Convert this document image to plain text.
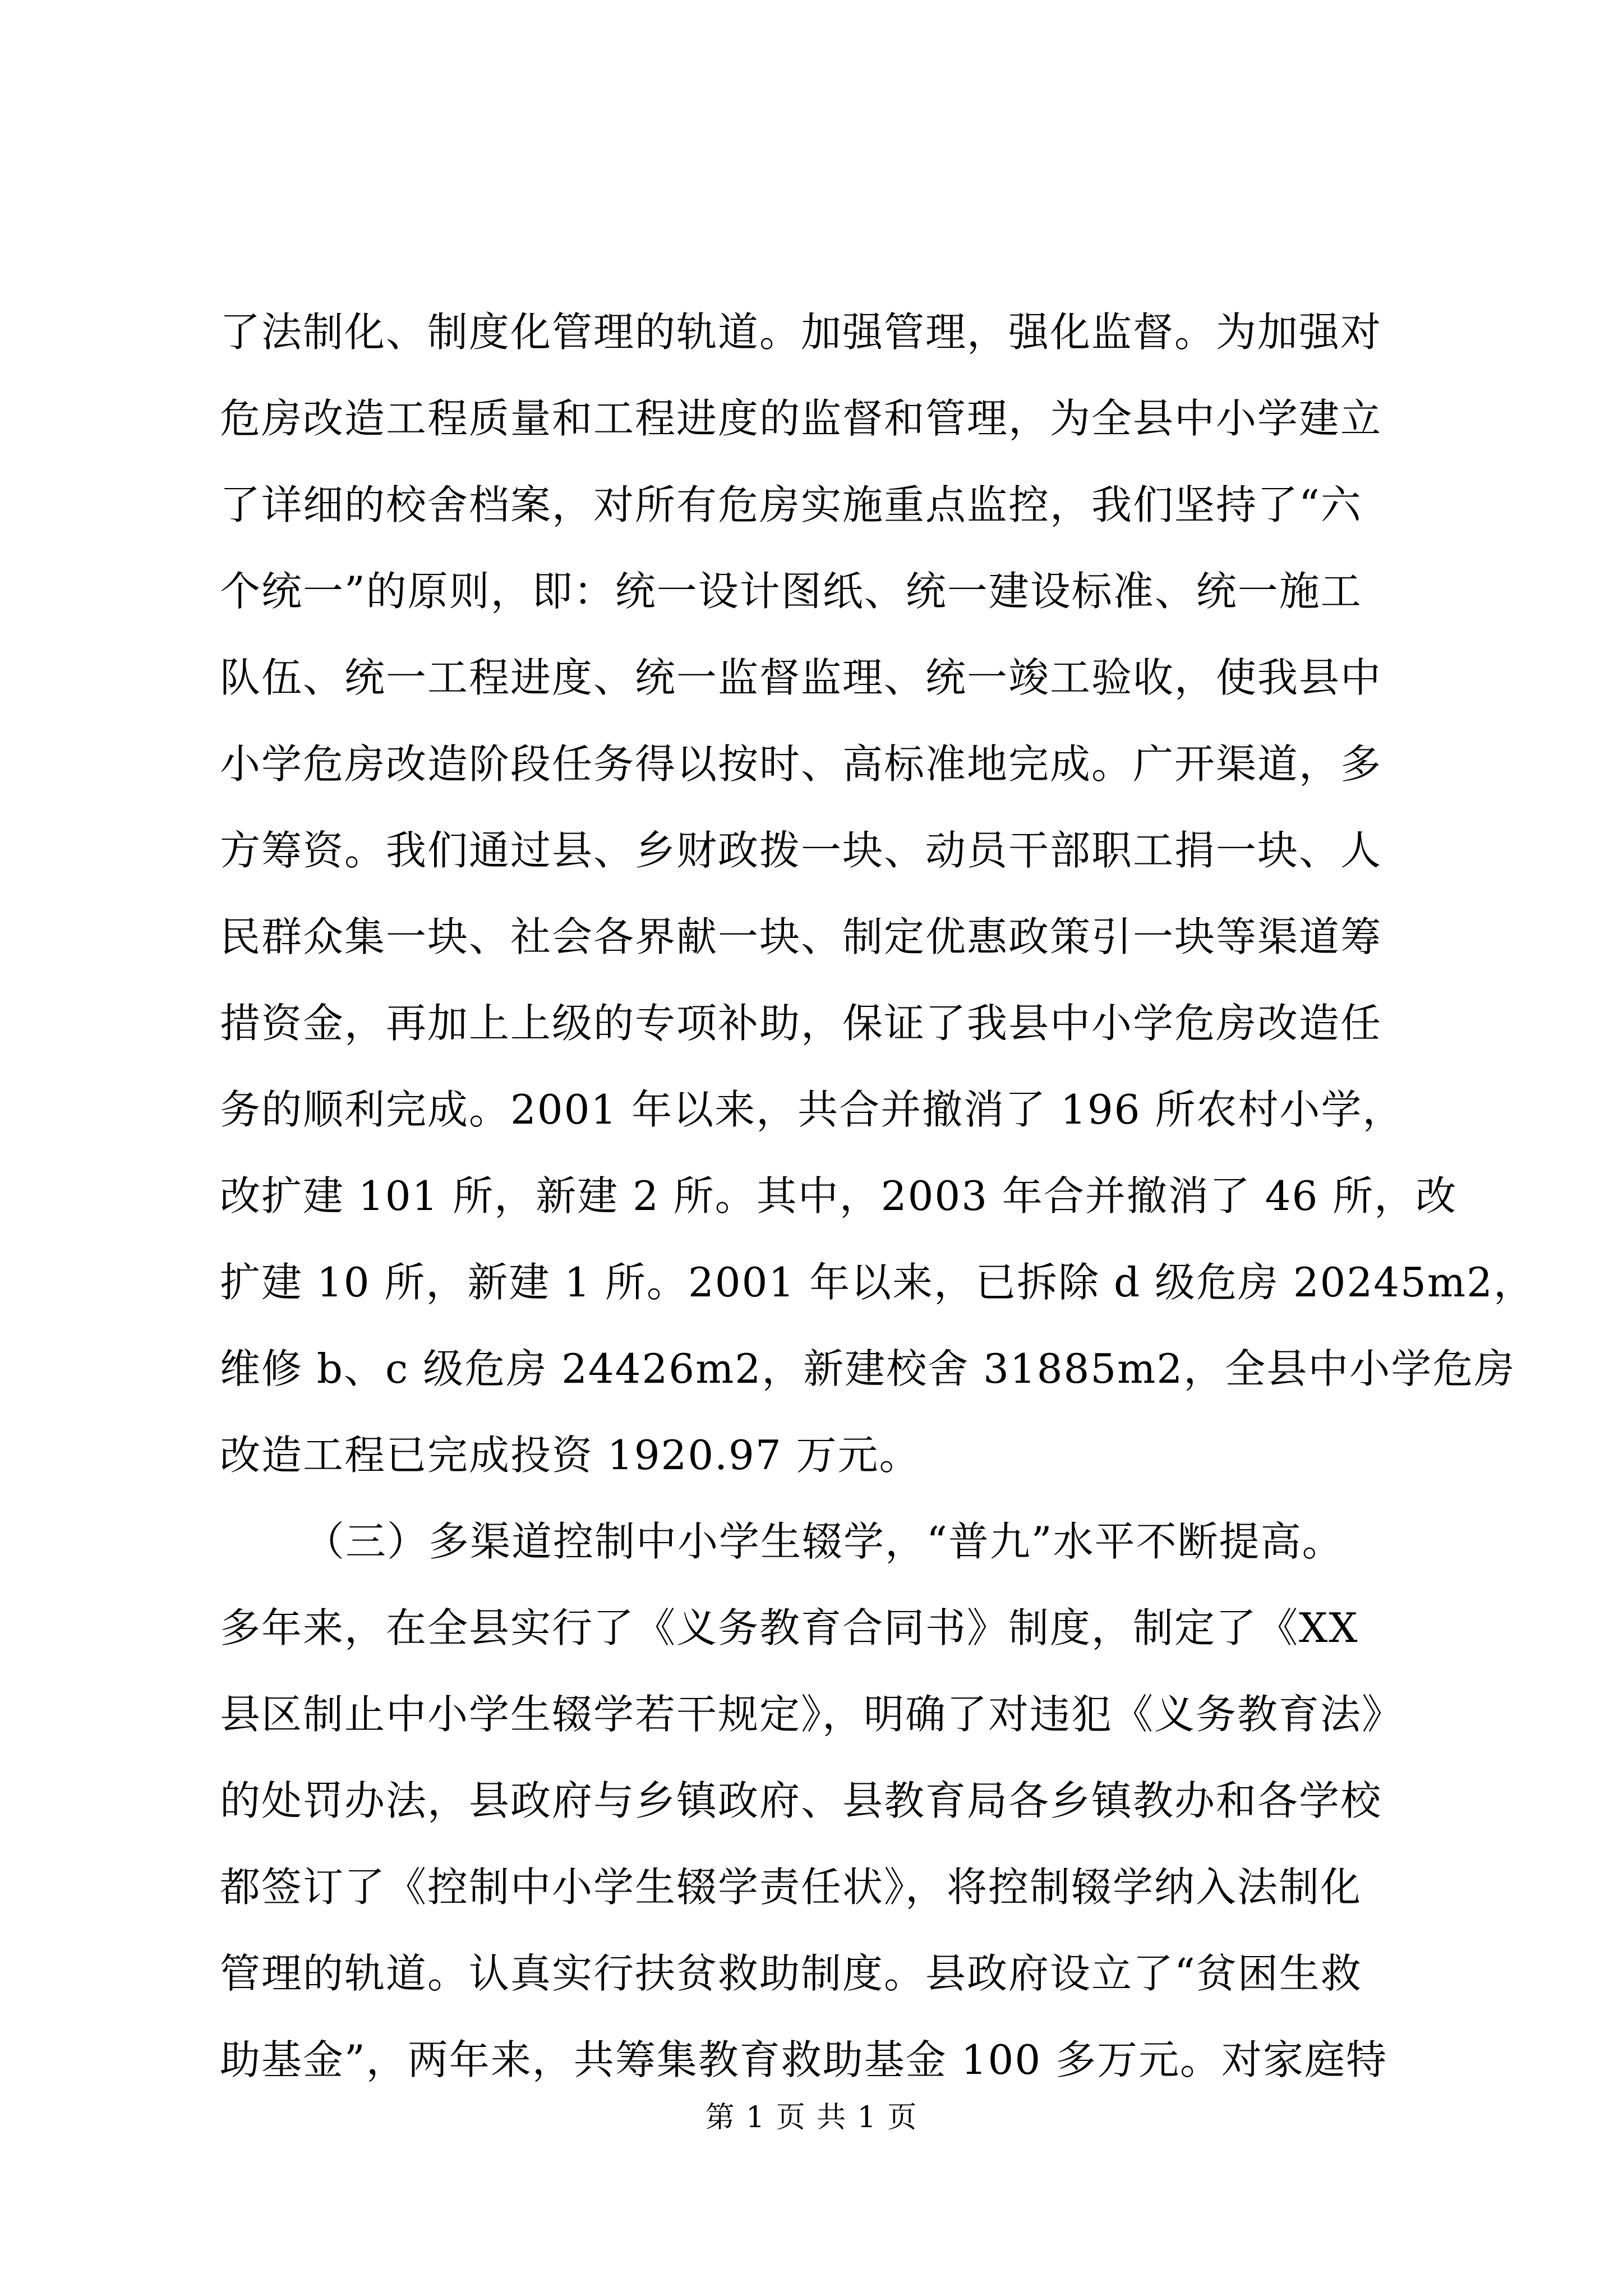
了法制化、制度化管理的轨道。加强管理，强化监督。为加强对
危房改造工程质量和工程进度的监督和管理，为全县中小学建立
了详细的校舍档案，对所有危房实施重点监控，我们坚持了“六
个统一”的原则，即：统一设计图纸、统一建设标准、统一施工
队伍、统一工程进度、统一监督监理、统一竣工验收，使我县中
小学危房改造阶段任务得以按时、高标准地完成。广开渠道，多
方筹资。我们通过县、乡财政拨一块、动员干部职工捐一块、人
民群众集一块、社会各界献一块、制定优惠政策引一块等渠道筹
措资金，再加上上级的专项补助，保证了我县中小学危房改造任
务的顺利完成。2001 年以来，共合并撤消了 196 所农村小学，
改扩建 101 所，新建 2 所。其中，2003 年合并撤消了 46 所，改
扩建 10 所，新建 1 所。2001 年以来，已拆除 d 级危房 20245m2，
维修 b、c 级危房 24426m2，新建校舍 31885m2，全县中小学危房
改造工程已完成投资 1920.97 万元。
（三）多渠道控制中小学生辍学，“普九”水平不断提高。
多年来，在全县实行了《义务教育合同书》制度，制定了《XX
县区制止中小学生辍学若干规定》，明确了对违犯《义务教育法》
的处罚办法，县政府与乡镇政府、县教育局各乡镇教办和各学校
都签订了《控制中小学生辍学责任状》，将控制辍学纳入法制化
管理的轨道。认真实行扶贫救助制度。县政府设立了“贫困生救
助基金”，两年来，共筹集教育救助基金 100 多万元。对家庭特
第 1 页 共 1 页
